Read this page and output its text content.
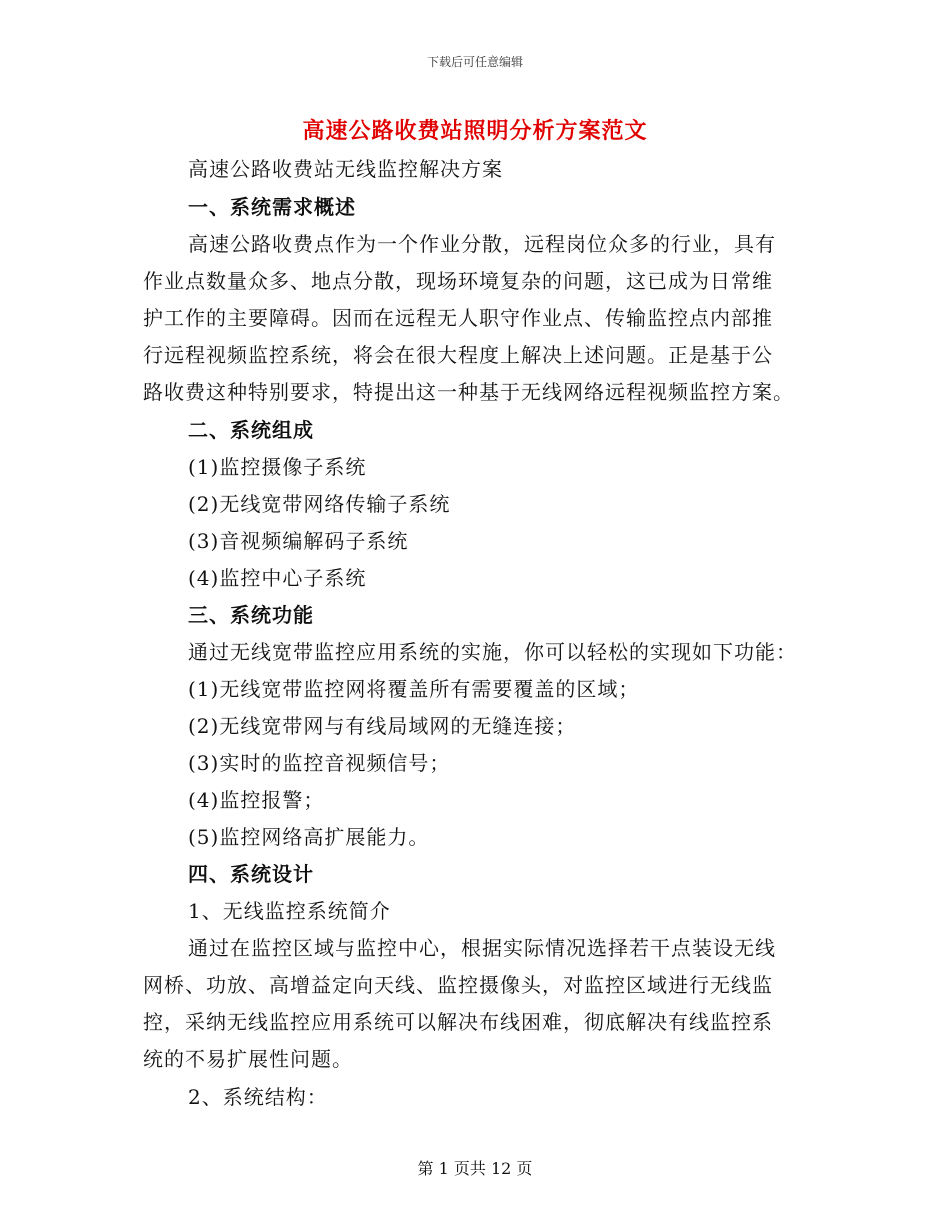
下载后可任意编辑
高速公路收费站照明分析方案范文
高速公路收费站无线监控解决方案
一、系统需求概述
高速公路收费点作为一个作业分散，远程岗位众多的行业，具有
作业点数量众多、地点分散，现场环境复杂的问题，这已成为日常维
护工作的主要障碍。因而在远程无人职守作业点、传输监控点内部推
行远程视频监控系统，将会在很大程度上解决上述问题。正是基于公
路收费这种特别要求，特提出这一种基于无线网络远程视频监控方案。
二、系统组成
(1)监控摄像子系统
(2)无线宽带网络传输子系统
(3)音视频编解码子系统
(4)监控中心子系统
三、系统功能
通过无线宽带监控应用系统的实施，你可以轻松的实现如下功能：
(1)无线宽带监控网将覆盖所有需要覆盖的区域；
(2)无线宽带网与有线局域网的无缝连接；
(3)实时的监控音视频信号；
(4)监控报警；
(5)监控网络高扩展能力。
四、系统设计
1、无线监控系统简介
通过在监控区域与监控中心，根据实际情况选择若干点装设无线
网桥、功放、高增益定向天线、监控摄像头，对监控区域进行无线监
控，采纳无线监控应用系统可以解决布线困难，彻底解决有线监控系
统的不易扩展性问题。
2、系统结构：
第 1 页共 12 页
